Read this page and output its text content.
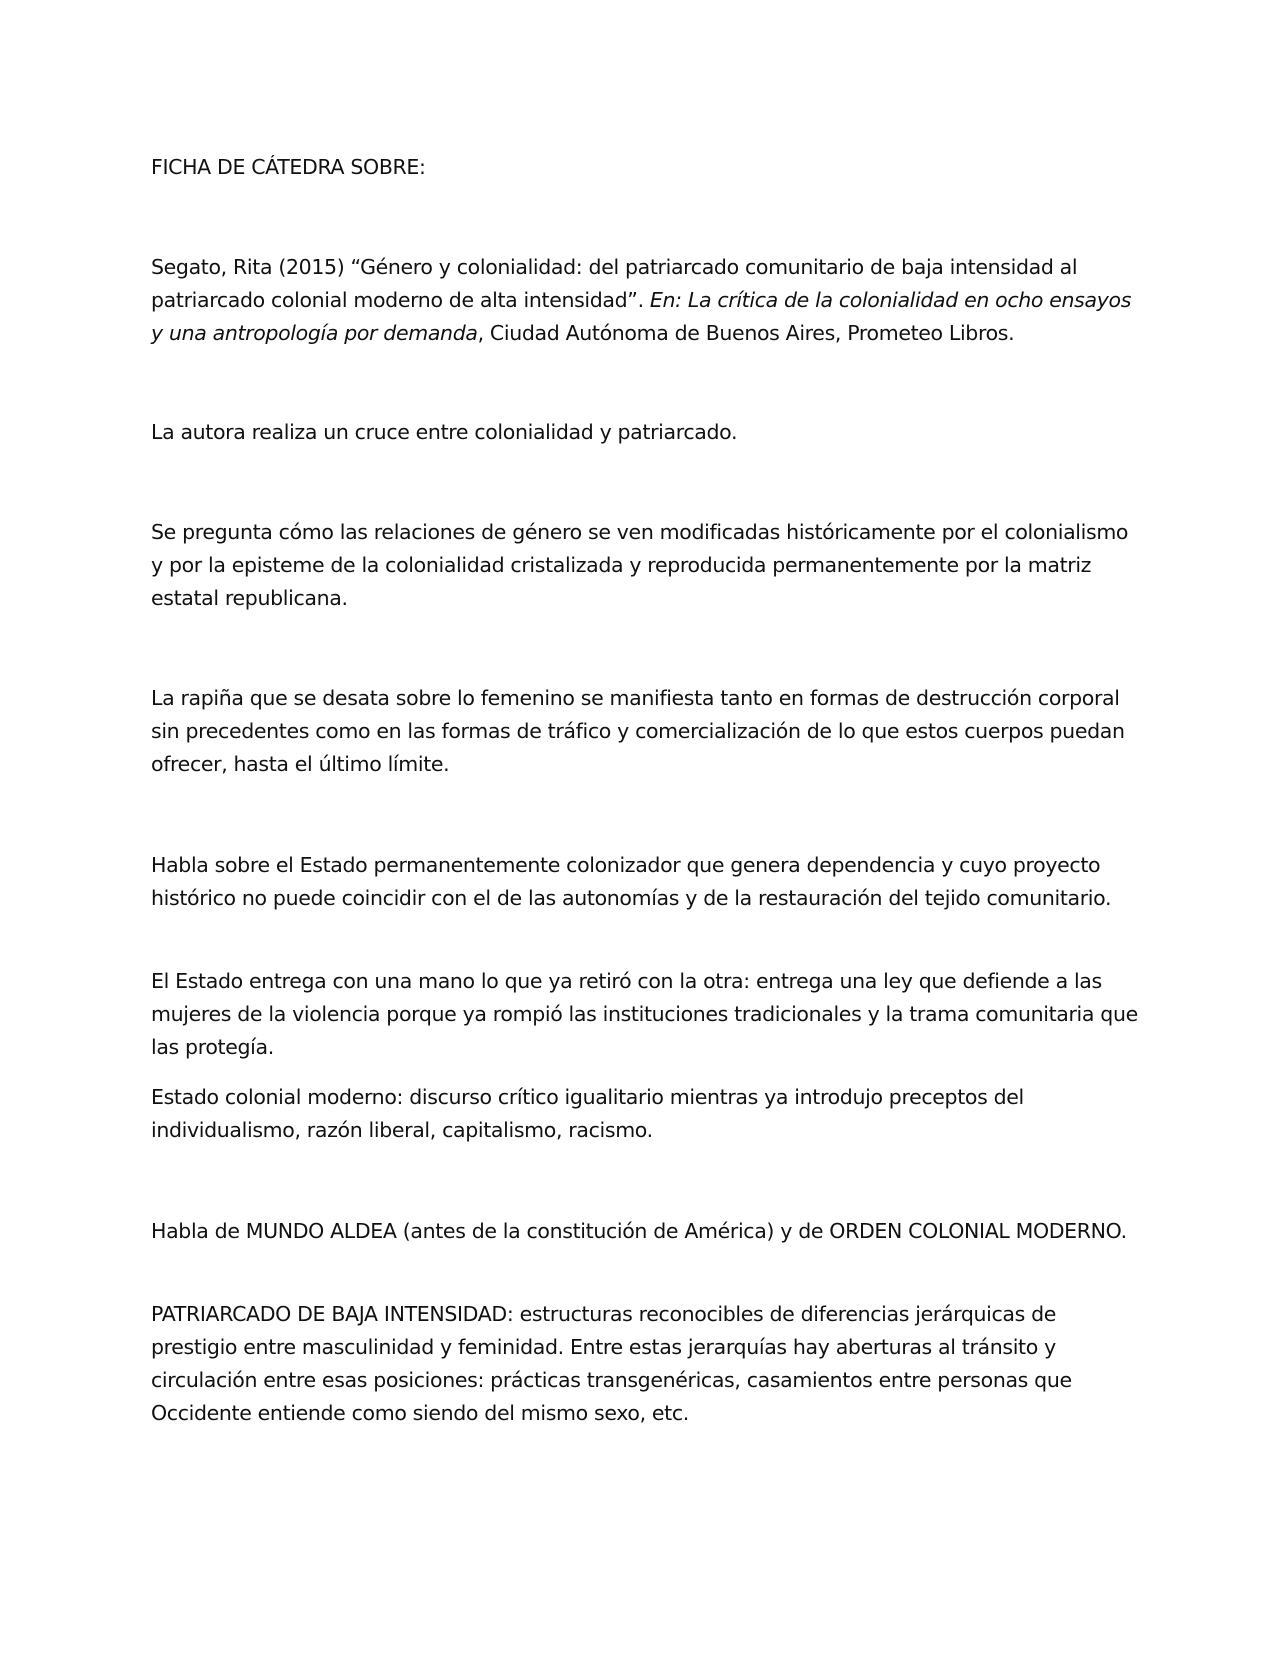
FICHA DE CÁTEDRA SOBRE:

Segato, Rita (2015) “Género y colonialidad: del patriarcado comunitario de baja intensidad al patriarcado colonial moderno de alta intensidad”. En: La crítica de la colonialidad en ocho ensayos y una antropología por demanda, Ciudad Autónoma de Buenos Aires, Prometeo Libros.

La autora realiza un cruce entre colonialidad y patriarcado.

Se pregunta cómo las relaciones de género se ven modificadas históricamente por el colonialismo y por la episteme de la colonialidad cristalizada y reproducida permanentemente por la matriz estatal republicana.

La rapiña que se desata sobre lo femenino se manifiesta tanto en formas de destrucción corporal sin precedentes como en las formas de tráfico y comercialización de lo que estos cuerpos puedan ofrecer, hasta el último límite.

Habla sobre el Estado permanentemente colonizador que genera dependencia y cuyo proyecto histórico no puede coincidir con el de las autonomías y de la restauración del tejido comunitario.

El Estado entrega con una mano lo que ya retiró con la otra: entrega una ley que defiende a las mujeres de la violencia porque ya rompió las instituciones tradicionales y la trama comunitaria que las protegía.

Estado colonial moderno: discurso crítico igualitario mientras ya introdujo preceptos del individualismo, razón liberal, capitalismo, racismo.

Habla de MUNDO ALDEA (antes de la constitución de América) y de ORDEN COLONIAL MODERNO.

PATRIARCADO DE BAJA INTENSIDAD: estructuras reconocibles de diferencias jerárquicas de prestigio entre masculinidad y feminidad. Entre estas jerarquías hay aberturas al tránsito y circulación entre esas posiciones: prácticas transgenéricas, casamientos entre personas que Occidente entiende como siendo del mismo sexo, etc.
